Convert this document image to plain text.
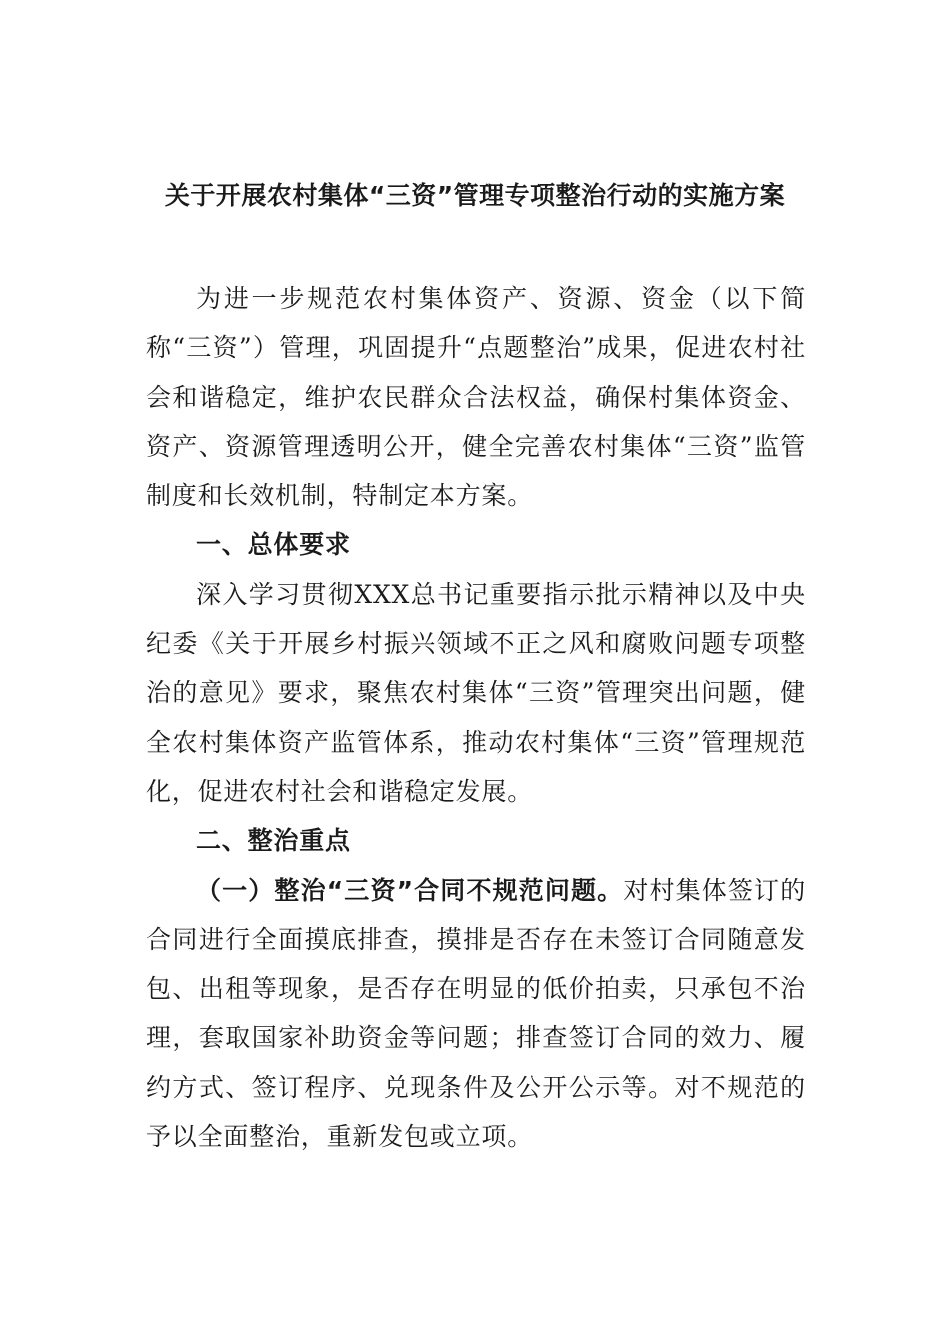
关于开展农村集体“三资”管理专项整治行动的实施方案

为进一步规范农村集体资产、资源、资金（以下简称“三资”）管理，巩固提升“点题整治”成果，促进农村社会和谐稳定，维护农民群众合法权益，确保村集体资金、资产、资源管理透明公开，健全完善农村集体“三资”监管制度和长效机制，特制定本方案。

一、总体要求

深入学习贯彻XXX总书记重要指示批示精神以及中央纪委《关于开展乡村振兴领域不正之风和腐败问题专项整治的意见》要求，聚焦农村集体“三资”管理突出问题，健全农村集体资产监管体系，推动农村集体“三资”管理规范化，促进农村社会和谐稳定发展。

二、整治重点

（一）整治“三资”合同不规范问题。对村集体签订的合同进行全面摸底排查，摸排是否存在未签订合同随意发包、出租等现象，是否存在明显的低价拍卖，只承包不治理，套取国家补助资金等问题；排查签订合同的效力、履约方式、签订程序、兑现条件及公开公示等。对不规范的予以全面整治，重新发包或立项。
